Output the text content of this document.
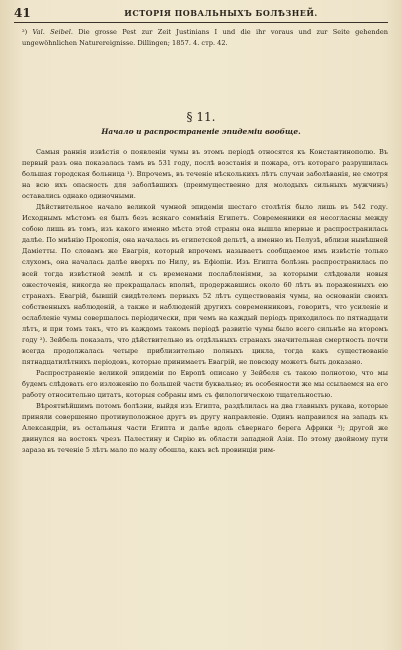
41	ИСТОРIЯ ПОВАЛЬНЫХЪ БОЛѢЗНЕЙ.
²) Val. Seibel. Die grosse Pest zur Zeit Justinians I und die ihr voraus und zur Seite gehenden ungewöhnlichen Naturereignisse. Dillingen; 1857. 4. стр. 42.
§ 11.
Начало и распространенiе эпидемiи вообще.

Самыя раннiя извѣстiя о появленiи чумы въ этомъ перiодѣ относятся къ Константинополю. Въ первый разъ она показалась тамъ въ 531 году, послѣ возстанiя и пожара, отъ котораго разрушилась большая городская больница ¹). Впрочемъ, въ теченiе нѣсколькихъ лѣтъ случаи заболѣванiя, не смотря на всю ихъ опасность для заболѣвшихъ (преимущественно для молодыхъ сильныхъ мужчинъ) оставались однако одиночными.

Дѣйствительное начало великой чумной эпидемiи шестаго столѣтiя было лишь въ 542 году. Исходнымъ мѣстомъ ея былъ безъ всякаго сомнѣнiя Египетъ. Современники ея несогласны между собою лишь въ томъ, изъ какого именно мѣста этой страны она вышла впервые и распространилась далѣе. По мнѣнiю Прокопiя, она началась въ египетской дельтѣ, а именно въ Пелузѣ, вблизи нынѣшней Дамiетты. По словамъ же Евагрiя, который впрочемъ называетъ сообщаемое имъ извѣстiе только слухомъ, она началась далѣе вверхъ по Нилу, въ Ефiопiи. Изъ Египта болѣзнь распространилась по всей тогда извѣстной землѣ и съ временами послабленiями, за которыми слѣдовали новыя ожесточенiя, никогда не прекращалась вполнѣ, продержавшись около 60 лѣтъ въ пораженныхъ ею странахъ. Евагрiй, бывшiй свидѣтелемъ первыхъ 52 лѣтъ существованiя чумы, на основанiи своихъ собственныхъ наблюденiй, а также и наблюденiй другихъ современниковъ, говоритъ, что усиленiе и ослабленiе чумы совершалось перiодически, при чемъ на каждый перiодъ приходилось по пятнадцати лѣтъ, и при томъ такъ, что въ каждомъ такомъ перiодѣ развитiе чумы было всего сильнѣе на второмъ году ²). Зейбель показалъ, что дѣйствительно въ отдѣльныхъ странахъ значительная смертность почти всегда продолжалась четыре приблизительно полныхъ цикла, тогда какъ существованiе пятнадцатилѣтнихъ перiодовъ, которые принимаетъ Евагрiй, не повсюду можетъ быть доказано.

Распространенiе великой эпидемiи по Европѣ описано у Зейбеля съ такою полнотою, что мы будемъ слѣдовать его изложенiю по большей части буквально; въ особенности же мы ссылаемся на его работу относительно цитатъ, которыя собраны имъ съ филологическою тщательностью.

Вѣроятнѣйшимъ потомъ болѣзни, выйдя изъ Египта, раздѣлилась на два главныхъ рукава, которые приняли совершенно противуположное другъ въ другу направленiе. Одинъ направился на западъ къ Александрiи, въ остальныя части Египта и далѣе вдоль сѣвернаго берега Африки ³); другой же двинулся на востокъ чрезъ Палестину и Сирiю въ области западной Азiи. По этому двойному пути зараза въ теченiе 5 лѣтъ мало по малу обошла, какъ всѣ провинцiи рим-
